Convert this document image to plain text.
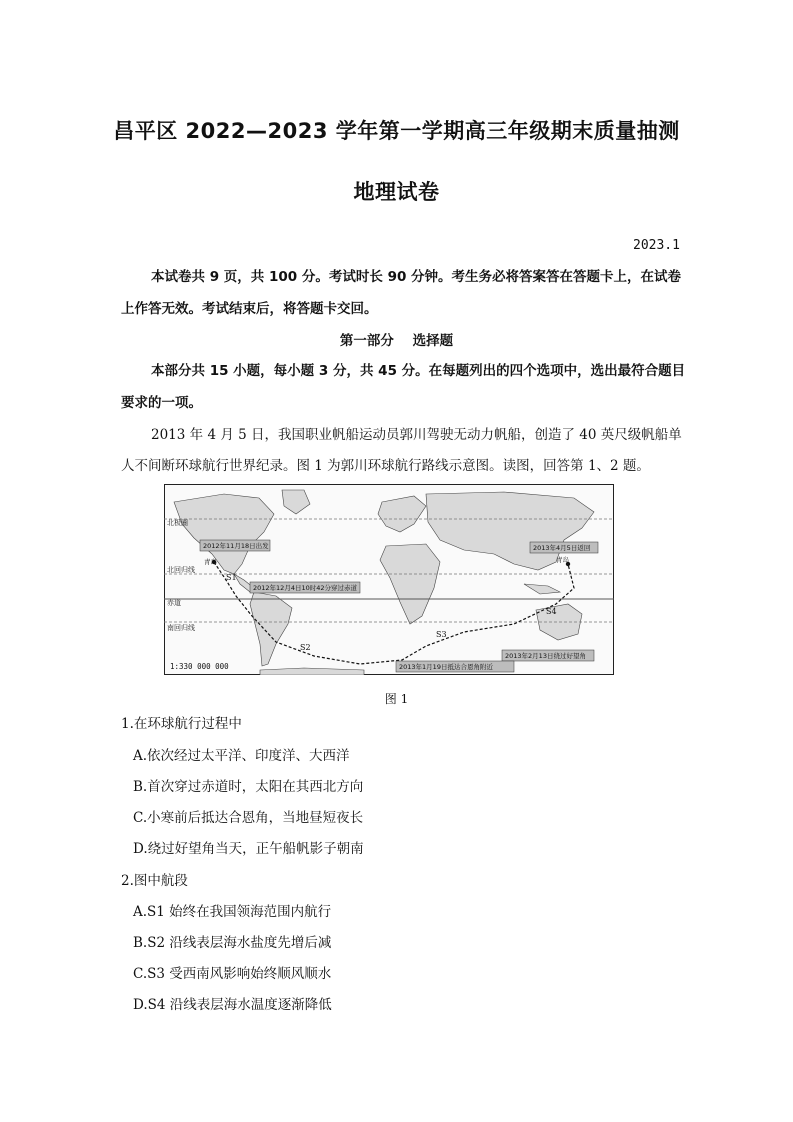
昌平区 2022—2023 学年第一学期高三年级期末质量抽测
地理试卷
2023.1
本试卷共 9 页，共 100 分。考试时长 90 分钟。考生务必将答案答在答题卡上，在试卷
上作答无效。考试结束后，将答题卡交回。
第一部分    选择题
本部分共 15 小题，每小题 3 分，共 45 分。在每题列出的四个选项中，选出最符合题目
要求的一项。
2013 年 4 月 5 日，我国职业帆船运动员郭川驾驶无动力帆船，创造了 40 英尺级帆船单
人不间断环球航行世界纪录。图 1 为郭川环球航行路线示意图。读图，回答第 1、2 题。
北极圈
北回归线
赤道
南回归线
2012年11月18日出发
2012年12月4日10时42分穿过赤道
2013年4月5日返回
2013年2月13日绕过好望角
2013年1月19日抵达合恩角附近
青岛	青岛
S1
S2
S3
S4
1:330 000 000
图 1
1.在环球航行过程中
A.依次经过太平洋、印度洋、大西洋
B.首次穿过赤道时，太阳在其西北方向
C.小寒前后抵达合恩角，当地昼短夜长
D.绕过好望角当天，正午船帆影子朝南
2.图中航段
A.S1 始终在我国领海范围内航行
B.S2 沿线表层海水盐度先增后减
C.S3 受西南风影响始终顺风顺水
D.S4 沿线表层海水温度逐渐降低
